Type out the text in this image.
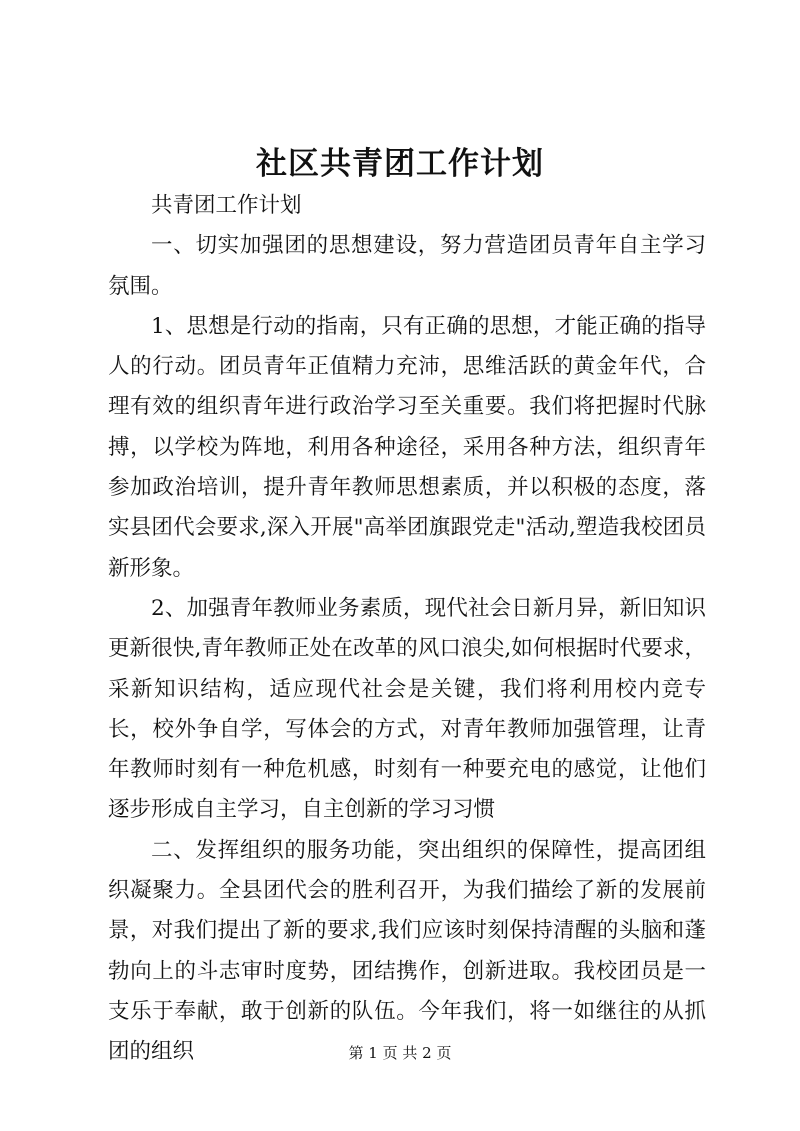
社区共青团工作计划

共青团工作计划

一、切实加强团的思想建设，努力营造团员青年自主学习氛围。

1、思想是行动的指南，只有正确的思想，才能正确的指导人的行动。团员青年正值精力充沛，思维活跃的黄金年代，合理有效的组织青年进行政治学习至关重要。我们将把握时代脉搏，以学校为阵地，利用各种途径，采用各种方法，组织青年参加政治培训，提升青年教师思想素质，并以积极的态度，落实县团代会要求,深入开展"高举团旗跟党走"活动,塑造我校团员新形象。

2、加强青年教师业务素质，现代社会日新月异，新旧知识更新很快,青年教师正处在改革的风口浪尖,如何根据时代要求，采新知识结构，适应现代社会是关键，我们将利用校内竞专长，校外争自学，写体会的方式，对青年教师加强管理，让青年教师时刻有一种危机感，时刻有一种要充电的感觉，让他们逐步形成自主学习，自主创新的学习习惯

二、发挥组织的服务功能，突出组织的保障性，提高团组织凝聚力。全县团代会的胜利召开，为我们描绘了新的发展前景，对我们提出了新的要求,我们应该时刻保持清醒的头脑和蓬勃向上的斗志审时度势，团结携作，创新进取。我校团员是一支乐于奉献，敢于创新的队伍。今年我们，将一如继往的从抓团的组织	第 1 页 共 2 页
